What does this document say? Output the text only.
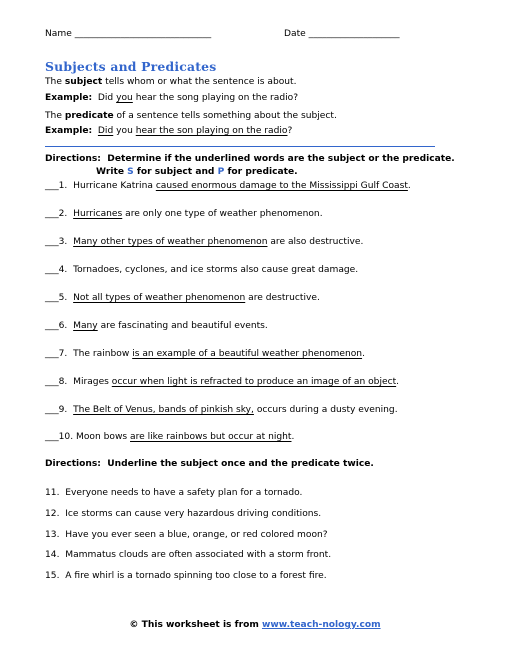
Name ______________________________	Date ____________________
Subjects and Predicates
The subject tells whom or what the sentence is about.
Example:  Did you hear the song playing on the radio?
The predicate of a sentence tells something about the subject.
Example: Did you hear the son playing on the radio?
Directions:  Determine if the underlined words are the subject or the predicate.
Write S for subject and P for predicate.
___1.  Hurricane Katrina caused enormous damage to the Mississippi Gulf Coast.
___2. Hurricanes are only one type of weather phenomenon.
___3. Many other types of weather phenomenon are also destructive.
___4.  Tornadoes, cyclones, and ice storms also cause great damage.
___5. Not all types of weather phenomenon are destructive.
___6. Many are fascinating and beautiful events.
___7.  The rainbow is an example of a beautiful weather phenomenon.
___8.  Mirages occur when light is refracted to produce an image of an object.
___9. The Belt of Venus, bands of pinkish sky, occurs during a dusty evening.
___10. Moon bows are like rainbows but occur at night.
Directions:  Underline the subject once and the predicate twice.
11.  Everyone needs to have a safety plan for a tornado.
12.  Ice storms can cause very hazardous driving conditions.
13.  Have you ever seen a blue, orange, or red colored moon?
14.  Mammatus clouds are often associated with a storm front.
15.  A fire whirl is a tornado spinning too close to a forest fire.
© This worksheet is from www.teach-nology.com
